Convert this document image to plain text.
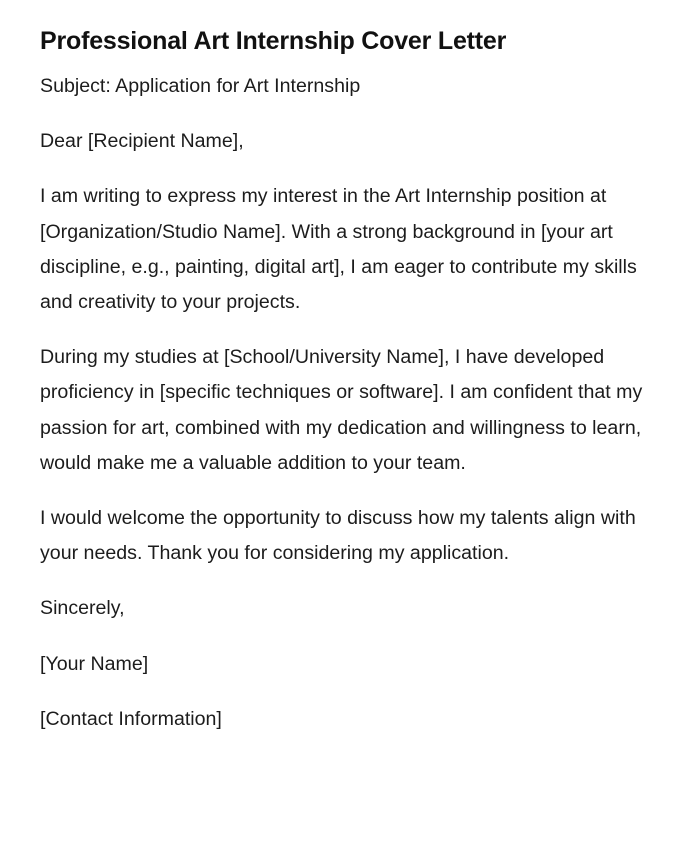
Professional Art Internship Cover Letter

Subject: Application for Art Internship

Dear [Recipient Name],

I am writing to express my interest in the Art Internship position at [Organization/Studio Name]. With a strong background in [your art discipline, e.g., painting, digital art], I am eager to contribute my skills and creativity to your projects.

During my studies at [School/University Name], I have developed proficiency in [specific techniques or software]. I am confident that my passion for art, combined with my dedication and willingness to learn, would make me a valuable addition to your team.

I would welcome the opportunity to discuss how my talents align with your needs. Thank you for considering my application.

Sincerely,

[Your Name]

[Contact Information]
